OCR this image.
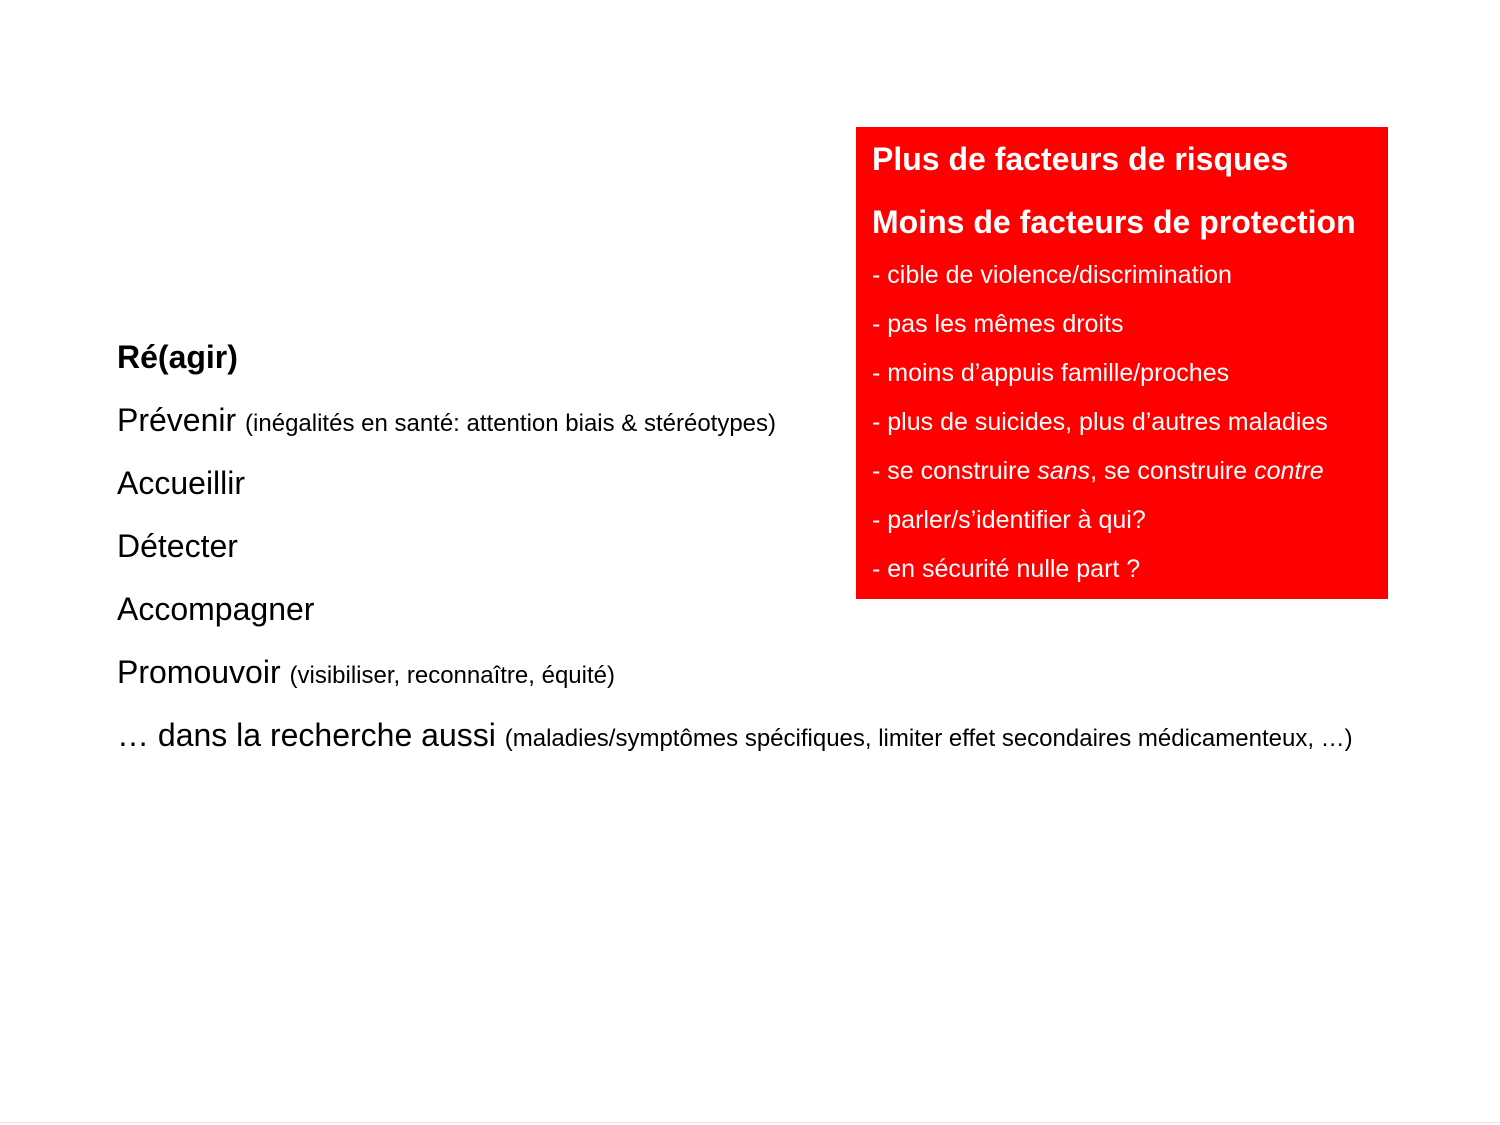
Ré(agir)
Prévenir (inégalités en santé: attention biais & stéréotypes)
Accueillir
Détecter
Accompagner
Promouvoir (visibiliser, reconnaître, équité)
… dans la recherche aussi (maladies/symptômes spécifiques, limiter effet secondaires médicamenteux, …)
Plus de facteurs de risques
Moins de facteurs de protection
- cible de violence/discrimination
- pas les mêmes droits
- moins d’appuis famille/proches
- plus de suicides, plus d’autres maladies
- se construire sans, se construire contre
- parler/s’identifier à qui?
- en sécurité nulle part ?
